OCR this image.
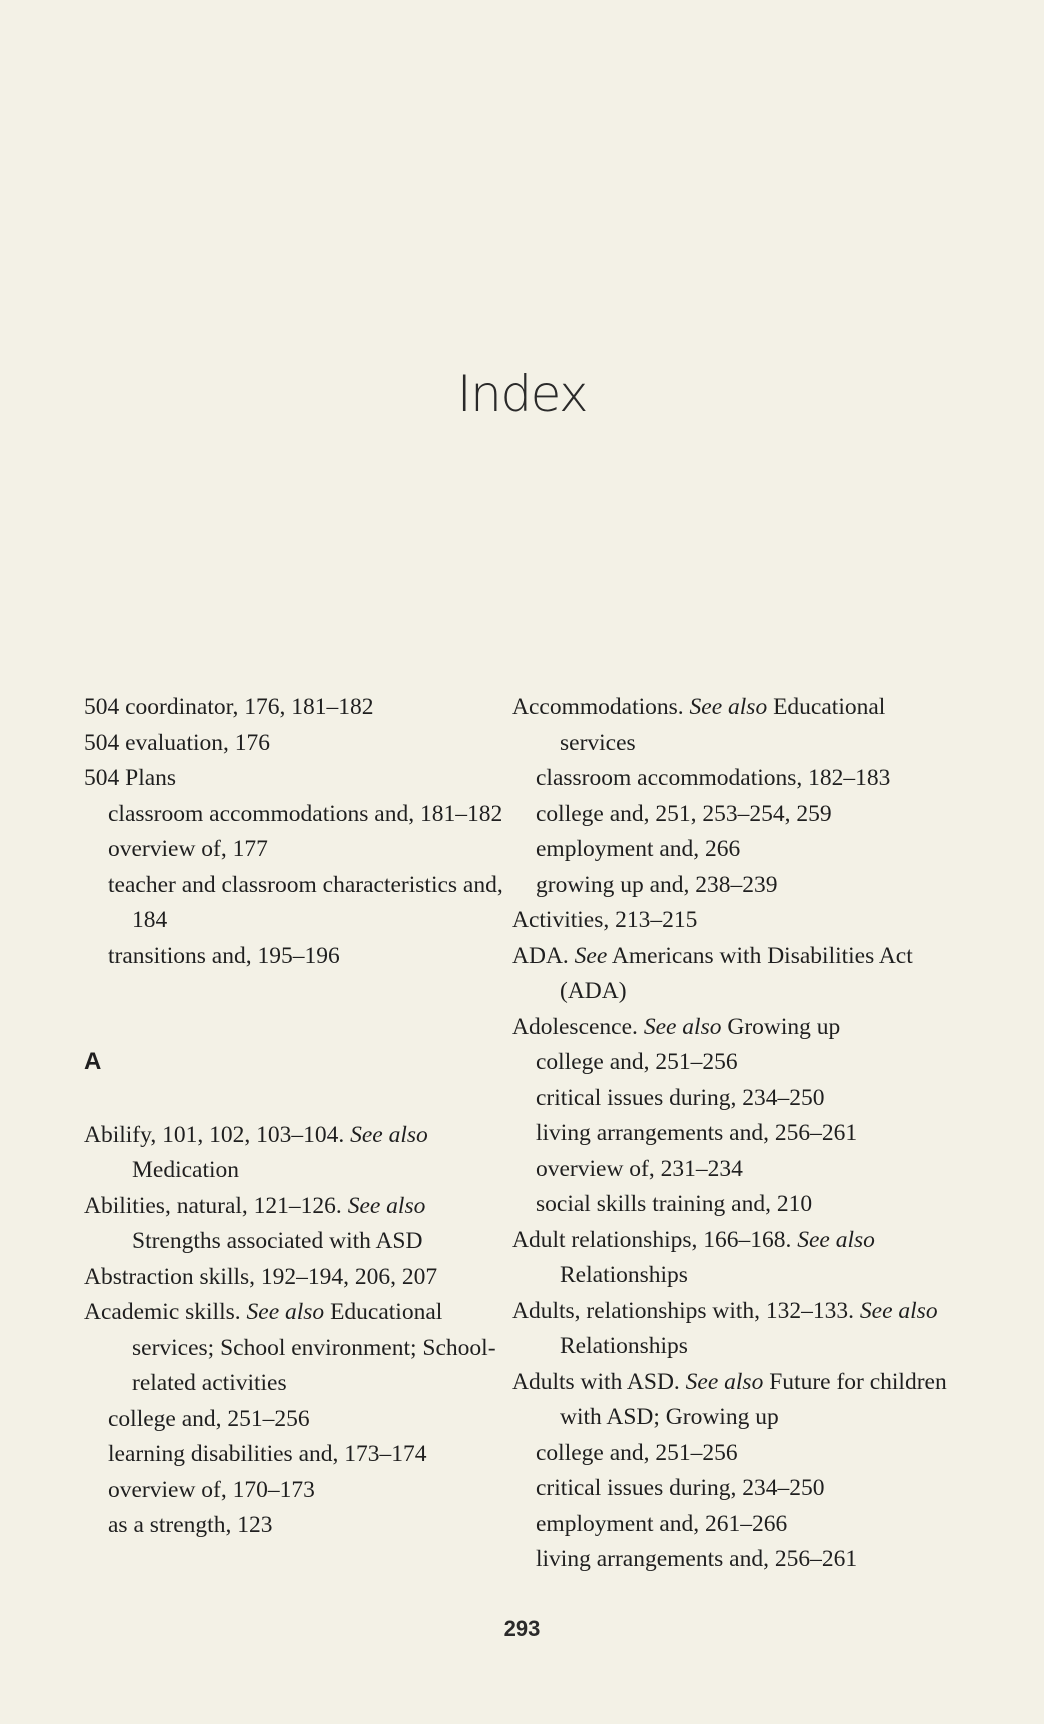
Index
504 coordinator, 176, 181–182
504 evaluation, 176
504 Plans
classroom accommodations and, 181–182
overview of, 177
teacher and classroom characteristics and, 184
transitions and, 195–196
A
Abilify, 101, 102, 103–104. See also Medication
Abilities, natural, 121–126. See also Strengths associated with ASD
Abstraction skills, 192–194, 206, 207
Academic skills. See also Educational services; School environment; School-related activities
college and, 251–256
learning disabilities and, 173–174
overview of, 170–173
as a strength, 123
Accommodations. See also Educational services
classroom accommodations, 182–183
college and, 251, 253–254, 259
employment and, 266
growing up and, 238–239
Activities, 213–215
ADA. See Americans with Disabilities Act (ADA)
Adolescence. See also Growing up
college and, 251–256
critical issues during, 234–250
living arrangements and, 256–261
overview of, 231–234
social skills training and, 210
Adult relationships, 166–168. See also Relationships
Adults, relationships with, 132–133. See also Relationships
Adults with ASD. See also Future for children with ASD; Growing up
college and, 251–256
critical issues during, 234–250
employment and, 261–266
living arrangements and, 256–261
293
